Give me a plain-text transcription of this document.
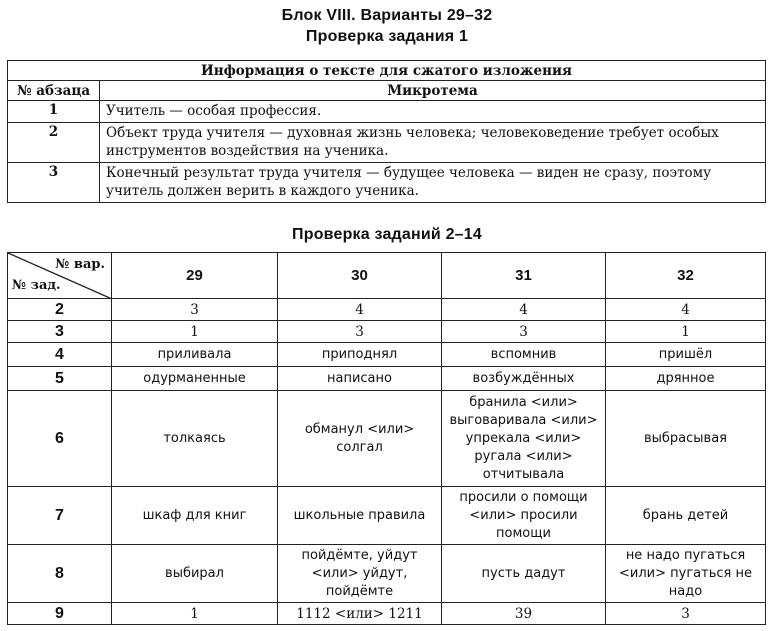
Блок VIII. Варианты 29–32
Проверка задания 1
Информация о тексте для сжатого изложения	
№ абзаца	Микротема
1	Учитель — особая профессия.
2	Объект труда учителя — духовная жизнь человека; человековедение требует особых инструментов воздействия на ученика.
3	Конечный результат труда учителя — будущее человека — виден не сразу, поэтому учитель должен верить в каждого ученика.
Проверка заданий 2–14
№ вар.
№ зад.	29	30	31	32
2	3	4	4	4
3	1	3	3	1
4	приливала	приподнял	вспомнив	пришёл
5	одурманенные	написано	возбуждённых	дрянное
6	толкаясь	обманул <или> солгал	бранила <или> выговаривала <или> упрекала <или> ругала <или> отчитывала	выбрасывая
7	шкаф для книг	школьные правила	просили о помощи <или> просили помощи	брань детей
8	выбирал	пойдёмте, уйдут <или> уйдут, пойдёмте	пусть дадут	не надо пугаться <или> пугаться не надо
9	1	1112 <или> 1211	39	3
